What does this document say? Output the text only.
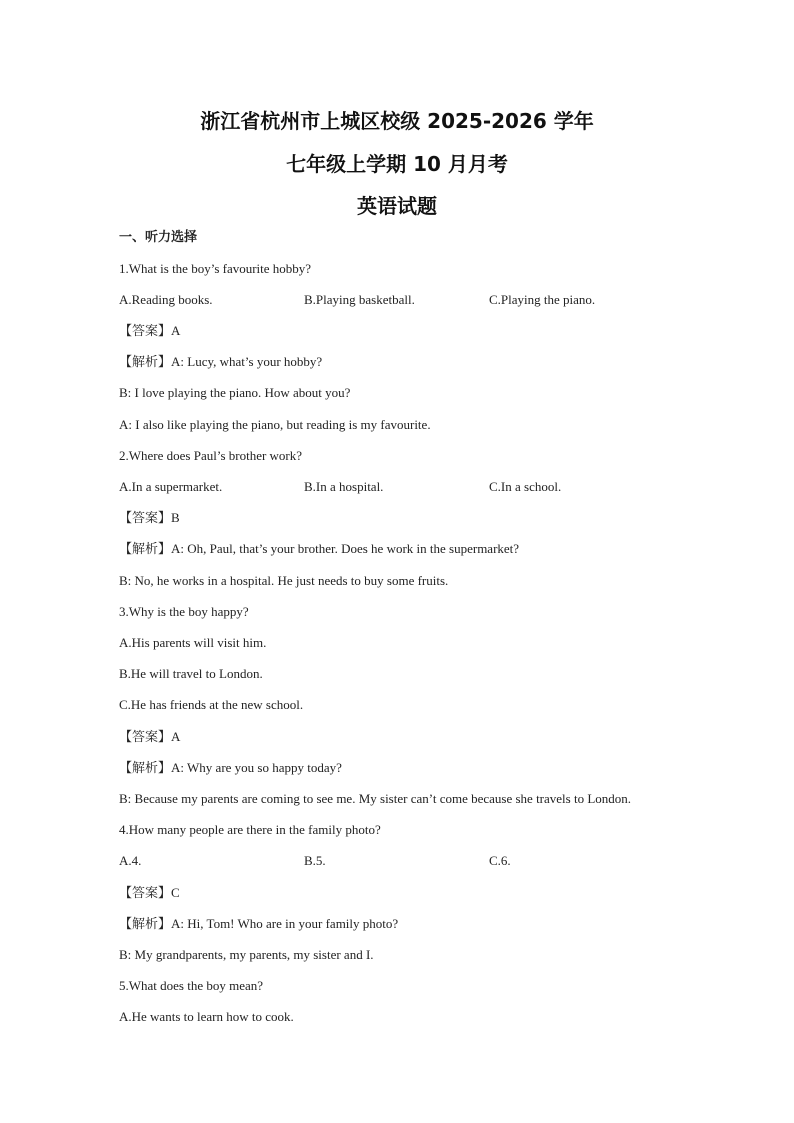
浙江省杭州市上城区校级 2025-2026 学年
七年级上学期 10 月月考
英语试题
一、听力选择
1.What is the boy’s favourite hobby?
A.Reading books.	B.Playing basketball.	C.Playing the piano.
【答案】A
【解析】A: Lucy, what’s your hobby?
B: I love playing the piano. How about you?
A: I also like playing the piano, but reading is my favourite.
2.Where does Paul’s brother work?
A.In a supermarket.	B.In a hospital.	C.In a school.
【答案】B
【解析】A: Oh, Paul, that’s your brother. Does he work in the supermarket?
B: No, he works in a hospital. He just needs to buy some fruits.
3.Why is the boy happy?
A.His parents will visit him.
B.He will travel to London.
C.He has friends at the new school.
【答案】A
【解析】A: Why are you so happy today?
B: Because my parents are coming to see me. My sister can’t come because she travels to London.
4.How many people are there in the family photo?
A.4.	B.5.	C.6.
【答案】C
【解析】A: Hi, Tom! Who are in your family photo?
B: My grandparents, my parents, my sister and I.
5.What does the boy mean?
A.He wants to learn how to cook.
